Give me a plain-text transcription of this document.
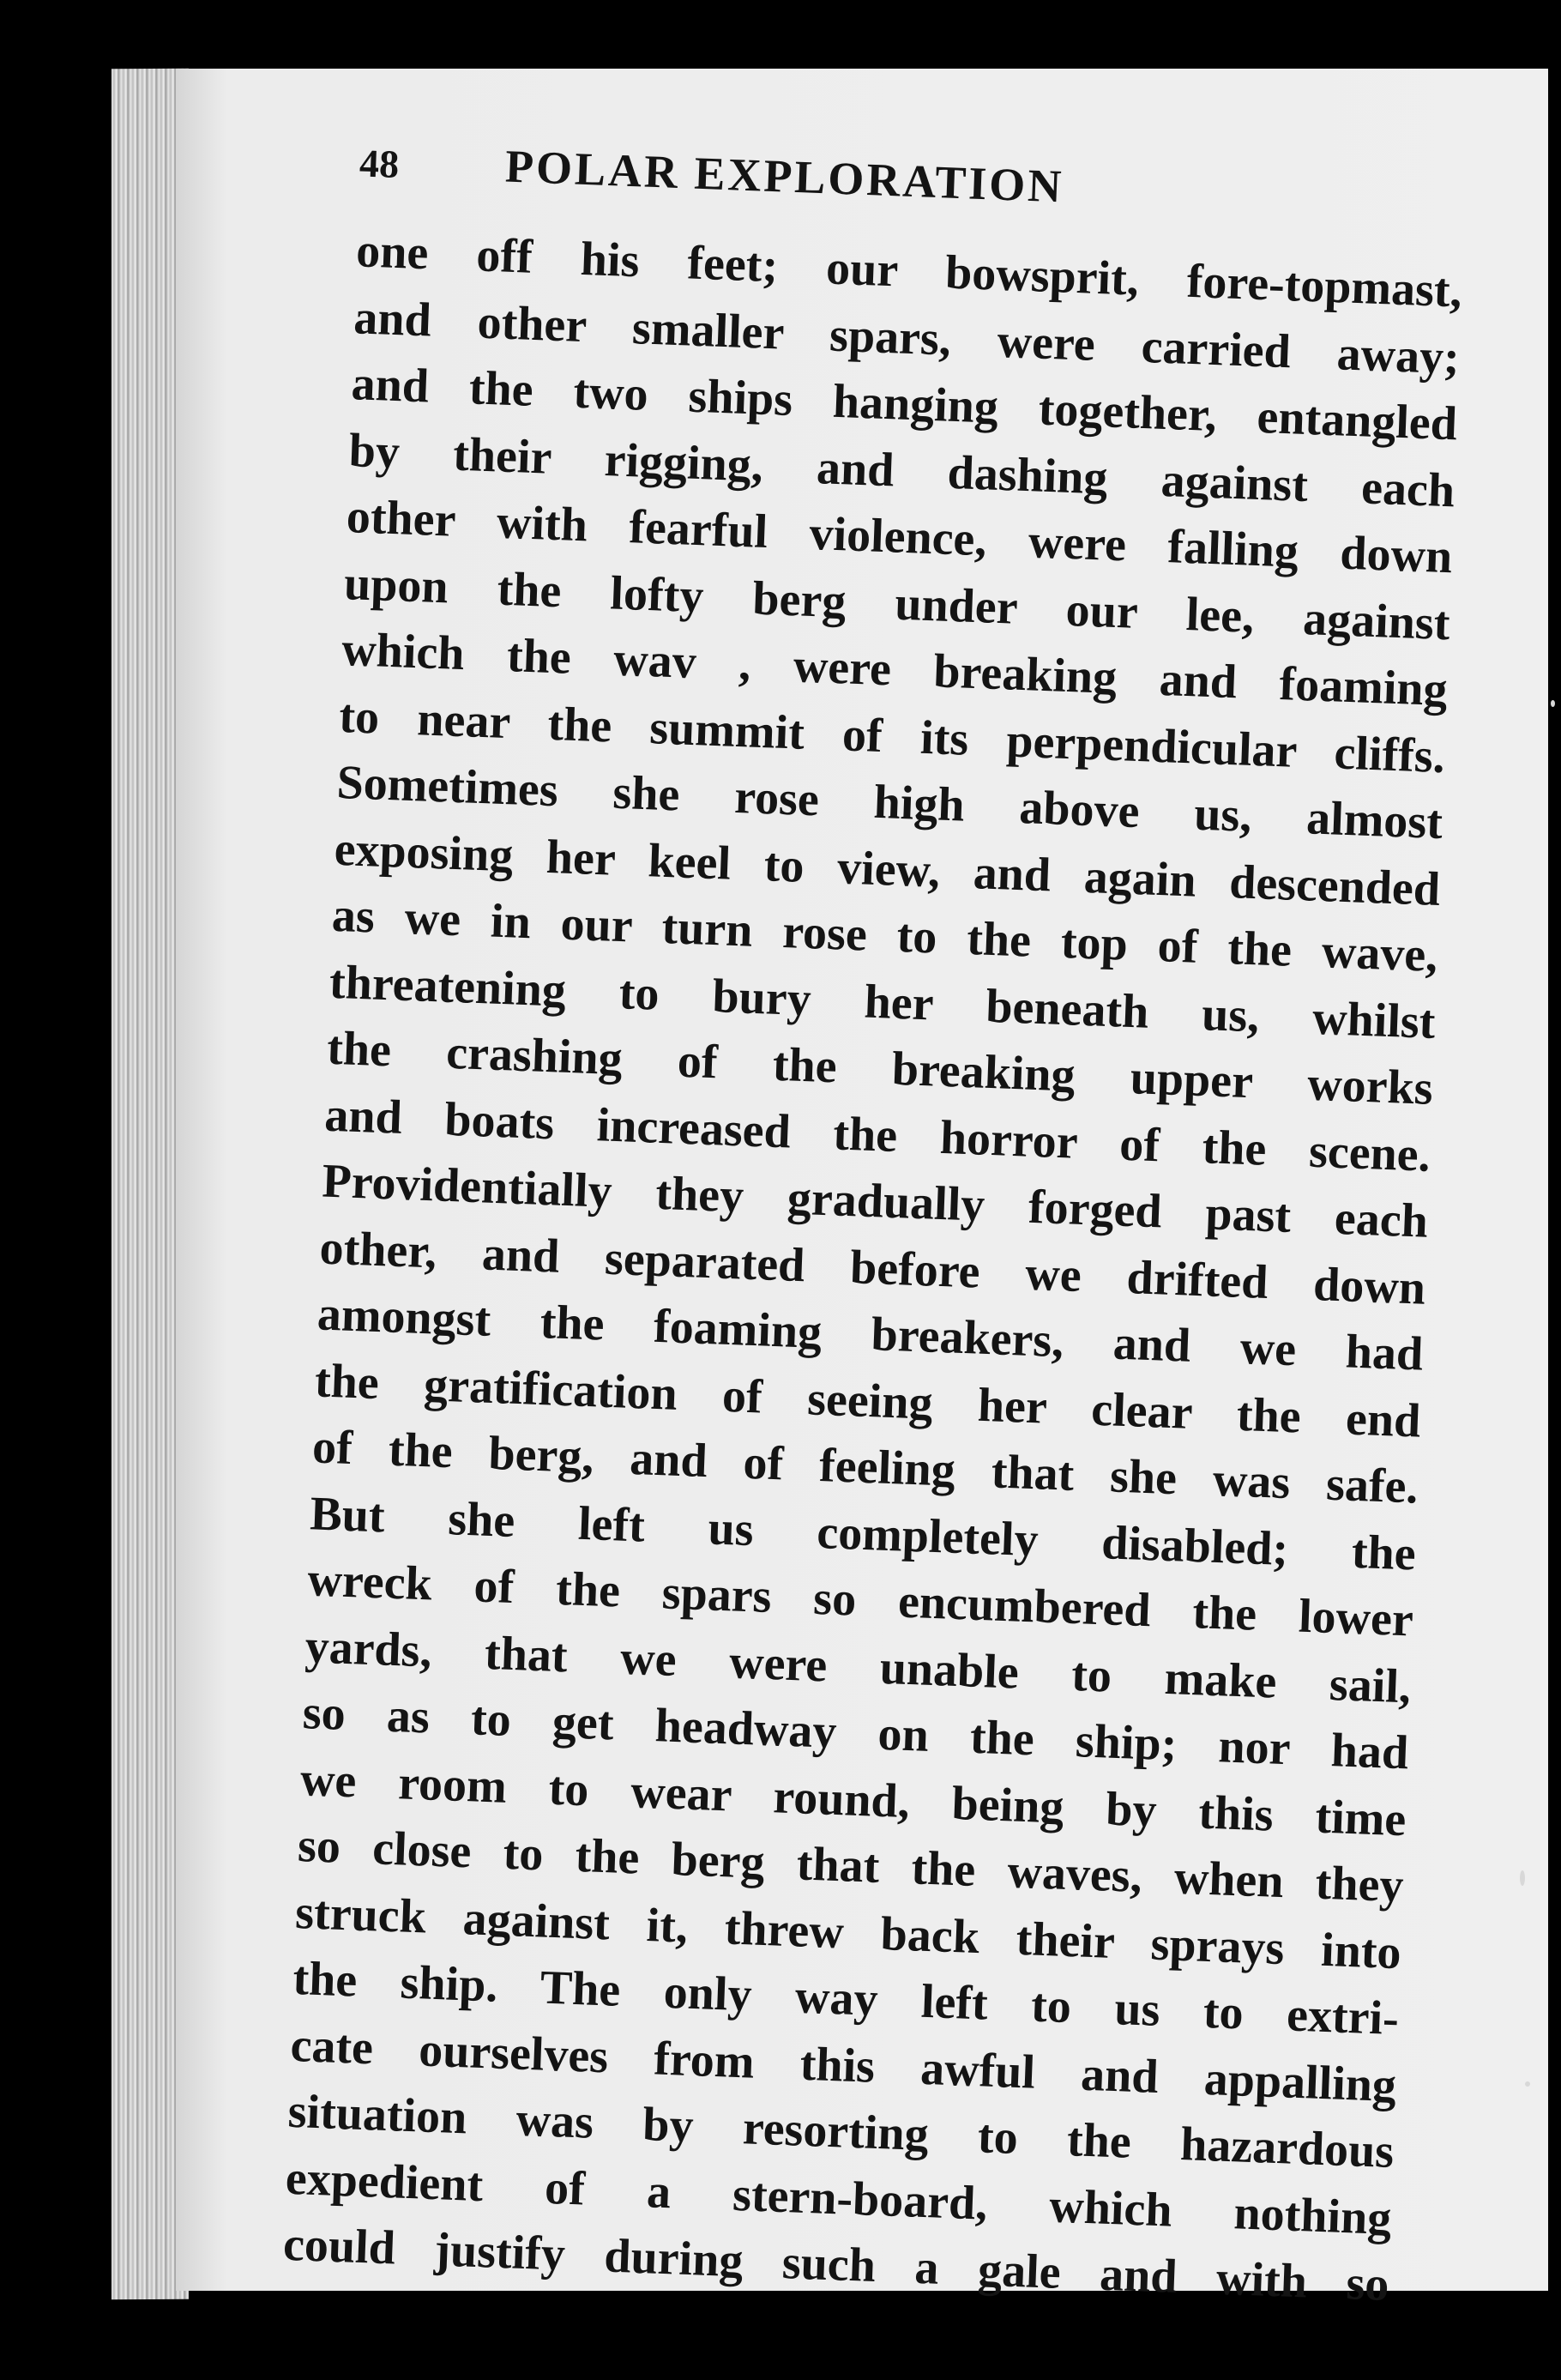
48	POLAR EXPLORATION
one off his feet; our bowsprit, fore-topmast,
and other smaller spars, were carried away;
and the two ships hanging together, entangled
by their rigging, and dashing against each
other with fearful violence, were falling down
upon the lofty berg under our lee, against
which the wav , were breaking and foaming
to near the summit of its perpendicular cliffs.
Sometimes she rose high above us, almost
exposing her keel to view, and again descended
as we in our turn rose to the top of the wave,
threatening to bury her beneath us, whilst
the crashing of the breaking upper works
and boats increased the horror of the scene.
Providentially they gradually forged past each
other, and separated before we drifted down
amongst the foaming breakers, and we had
the gratification of seeing her clear the end
of the berg, and of feeling that she was safe.
But she left us completely disabled; the
wreck of the spars so encumbered the lower
yards, that we were unable to make sail,
so as to get headway on the ship; nor had
we room to wear round, being by this time
so close to the berg that the waves, when they
struck against it, threw back their sprays into
the ship. The only way left to us to extri-
cate ourselves from this awful and appalling
situation was by resorting to the hazardous
expedient of a stern-board, which nothing
could justify during such a gale and with so
